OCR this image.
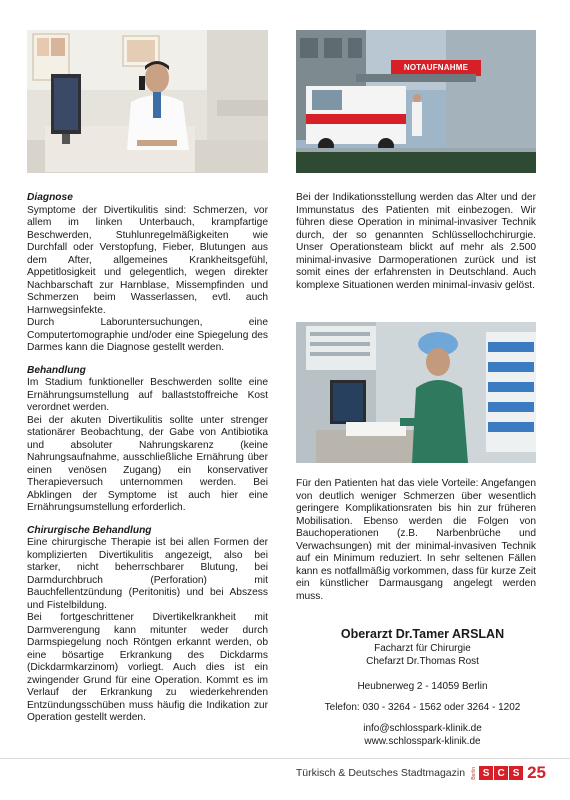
NOTAUFNAHME
Diagnose

Symptome der Divertikulitis sind: Schmerzen, vor allem im linken Unterbauch, krampfartige Beschwerden, Stuhlunregelmäßigkeiten wie Durchfall oder Verstopfung, Fieber, Blutungen aus dem After, allgemeines Krankheitsgefühl, Appetitlosigkeit und gelegentlich, wegen direkter Nachbarschaft zur Harnblase, Missempfinden und Schmerzen beim Wasserlassen, evtl. auch Harnwegsinfekte.

Durch Laboruntersuchungen, eine Computertomographie und/oder eine Spiegelung des Darmes kann die Diagnose gestellt werden.

Behandlung

Im Stadium funktioneller Beschwerden sollte eine Ernährungsumstellung auf ballaststoffreiche Kost verordnet werden.

Bei der akuten Divertikulitis sollte unter strenger stationärer Beobachtung, der Gabe von Antibiotika und absoluter Nahrungskarenz (keine Nahrungsaufnahme, ausschließliche Ernährung über einen venösen Zugang) ein konservativer Therapieversuch unternommen werden. Bei Abklingen der Symptome ist auch hier eine Ernährungsumstellung erforderlich.

Chirurgische Behandlung

Eine chirurgische Therapie ist bei allen Formen der komplizierten Divertikulitis angezeigt, also bei starker, nicht beherrschbarer Blutung, bei Darmdurchbruch (Perforation) mit Bauchfellentzündung (Peritonitis) und bei Abszess und Fistelbildung.

Bei fortgeschrittener Divertikelkrankheit mit Darmverengung kann mitunter weder durch Darmspiegelung noch Röntgen erkannt werden, ob eine bösartige Erkrankung des Dickdarms (Dickdarmkarzinom) vorliegt. Auch dies ist ein zwingender Grund für eine Operation. Kommt es im Verlauf der Erkrankung zu wiederkehrenden Entzündungsschüben muss häufig die Indikation zur Operation gestellt werden.

Bei der Indikationsstellung werden das Alter und der Immunstatus des Patienten mit einbezogen. Wir führen diese Operation in minimal-invasiver Technik durch, der so genannten Schlüssellochchirurgie. Unser Operationsteam blickt auf mehr als 2.500 minimal-invasive Darmoperationen zurück und ist somit eines der erfahrensten in Deutschland. Auch komplexe Situationen werden minimal-invasiv gelöst.

Für den Patienten hat das viele Vorteile: Angefangen von deutlich weniger Schmerzen über wesentlich geringere Komplikationsraten bis hin zur früheren Mobilisation. Ebenso werden die Folgen von Bauchoperationen (z.B. Narbenbrüche und Verwachsungen) mit der minimal-invasiven Technik auf ein Minimum reduziert. In sehr seltenen Fällen kann es notfallmäßig vorkommen, dass für kurze Zeit ein künstlicher Darmausgang angelegt werden muss.

Oberarzt Dr.Tamer ARSLAN
Facharzt für Chirurgie
Chefarzt Dr.Thomas Rost
Heubnerweg 2 - 14059 Berlin
Telefon: 030 - 3264 - 1562 oder 3264 - 1202
info@schlosspark-klinik.de
www.schlosspark-klinik.de
Türkisch & Deutsches Stadtmagazin Berlin S C S 25
